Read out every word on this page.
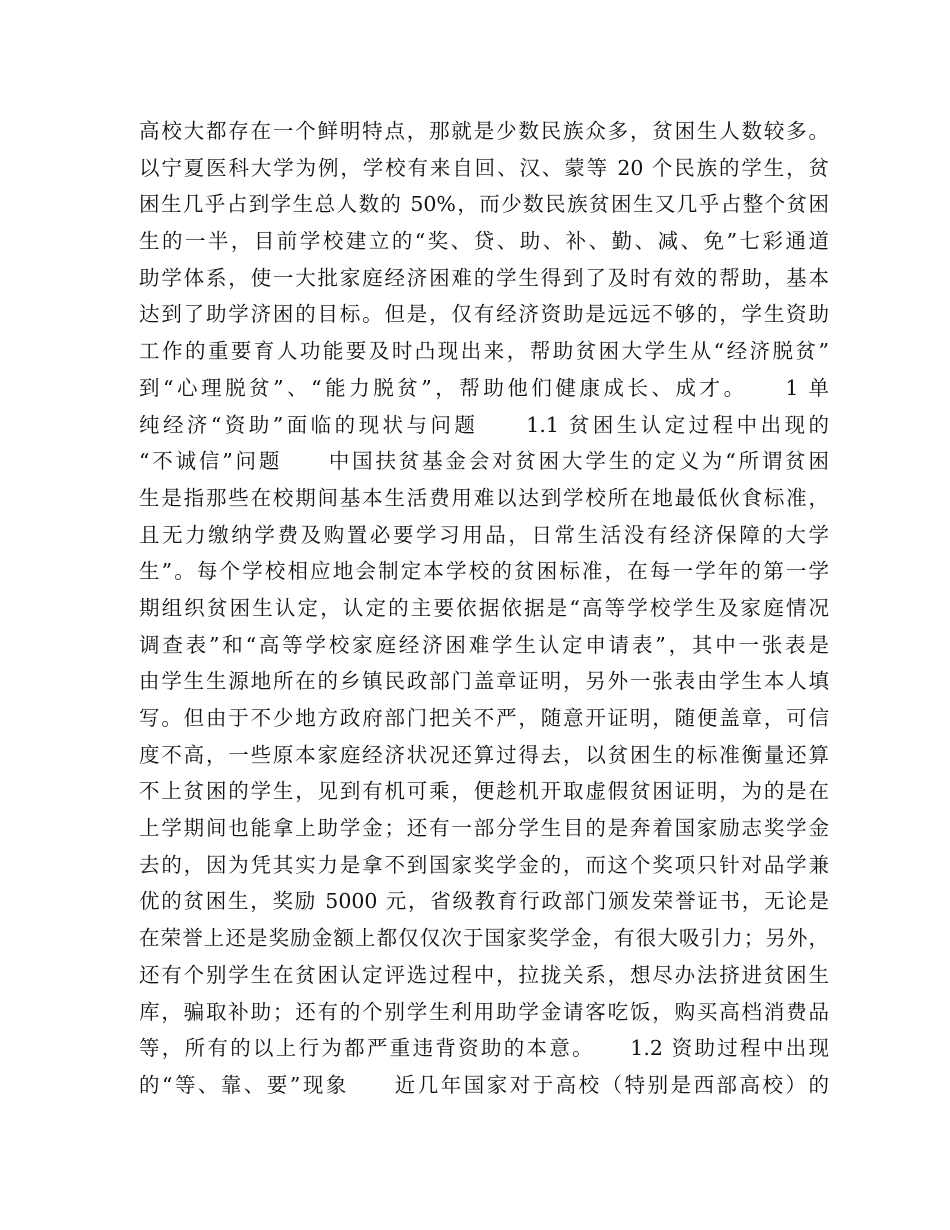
高校大都存在一个鲜明特点，那就是少数民族众多，贫困生人数较多。
以宁夏医科大学为例，学校有来自回、汉、蒙等 20 个民族的学生，贫
困生几乎占到学生总人数的 50%，而少数民族贫困生又几乎占整个贫困
生的一半，目前学校建立的“奖、贷、助、补、勤、减、免”七彩通道
助学体系，使一大批家庭经济困难的学生得到了及时有效的帮助，基本
达到了助学济困的目标。但是，仅有经济资助是远远不够的，学生资助
工作的重要育人功能要及时凸现出来，帮助贫困大学生从“经济脱贫”
到“心理脱贫”、“能力脱贫”，帮助他们健康成长、成才。　　1 单
纯经济“资助”面临的现状与问题　　1.1 贫困生认定过程中出现的
“不诚信”问题　　中国扶贫基金会对贫困大学生的定义为“所谓贫困
生是指那些在校期间基本生活费用难以达到学校所在地最低伙食标准，
且无力缴纳学费及购置必要学习用品，日常生活没有经济保障的大学
生”。每个学校相应地会制定本学校的贫困标准，在每一学年的第一学
期组织贫困生认定，认定的主要依据依据是“高等学校学生及家庭情况
调查表”和“高等学校家庭经济困难学生认定申请表”，其中一张表是
由学生生源地所在的乡镇民政部门盖章证明，另外一张表由学生本人填
写。但由于不少地方政府部门把关不严，随意开证明，随便盖章，可信
度不高，一些原本家庭经济状况还算过得去，以贫困生的标准衡量还算
不上贫困的学生，见到有机可乘，便趁机开取虚假贫困证明，为的是在
上学期间也能拿上助学金；还有一部分学生目的是奔着国家励志奖学金
去的，因为凭其实力是拿不到国家奖学金的，而这个奖项只针对品学兼
优的贫困生，奖励 5000 元，省级教育行政部门颁发荣誉证书，无论是
在荣誉上还是奖励金额上都仅仅次于国家奖学金，有很大吸引力；另外，
还有个别学生在贫困认定评选过程中，拉拢关系，想尽办法挤进贫困生
库，骗取补助；还有的个别学生利用助学金请客吃饭，购买高档消费品
等，所有的以上行为都严重违背资助的本意。　　1.2 资助过程中出现
的“等、靠、要”现象　　近几年国家对于高校（特别是西部高校）的
